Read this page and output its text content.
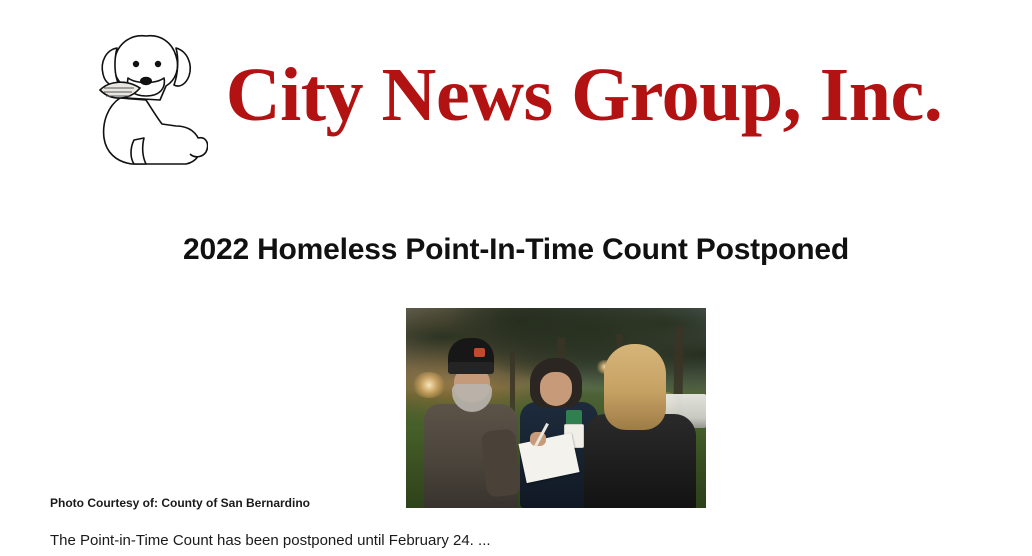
City News Group, Inc.
2022 Homeless Point-In-Time Count Postponed
Photo Courtesy of: County of San Bernardino

The Point-in-Time Count has been postponed until February 24. ...
